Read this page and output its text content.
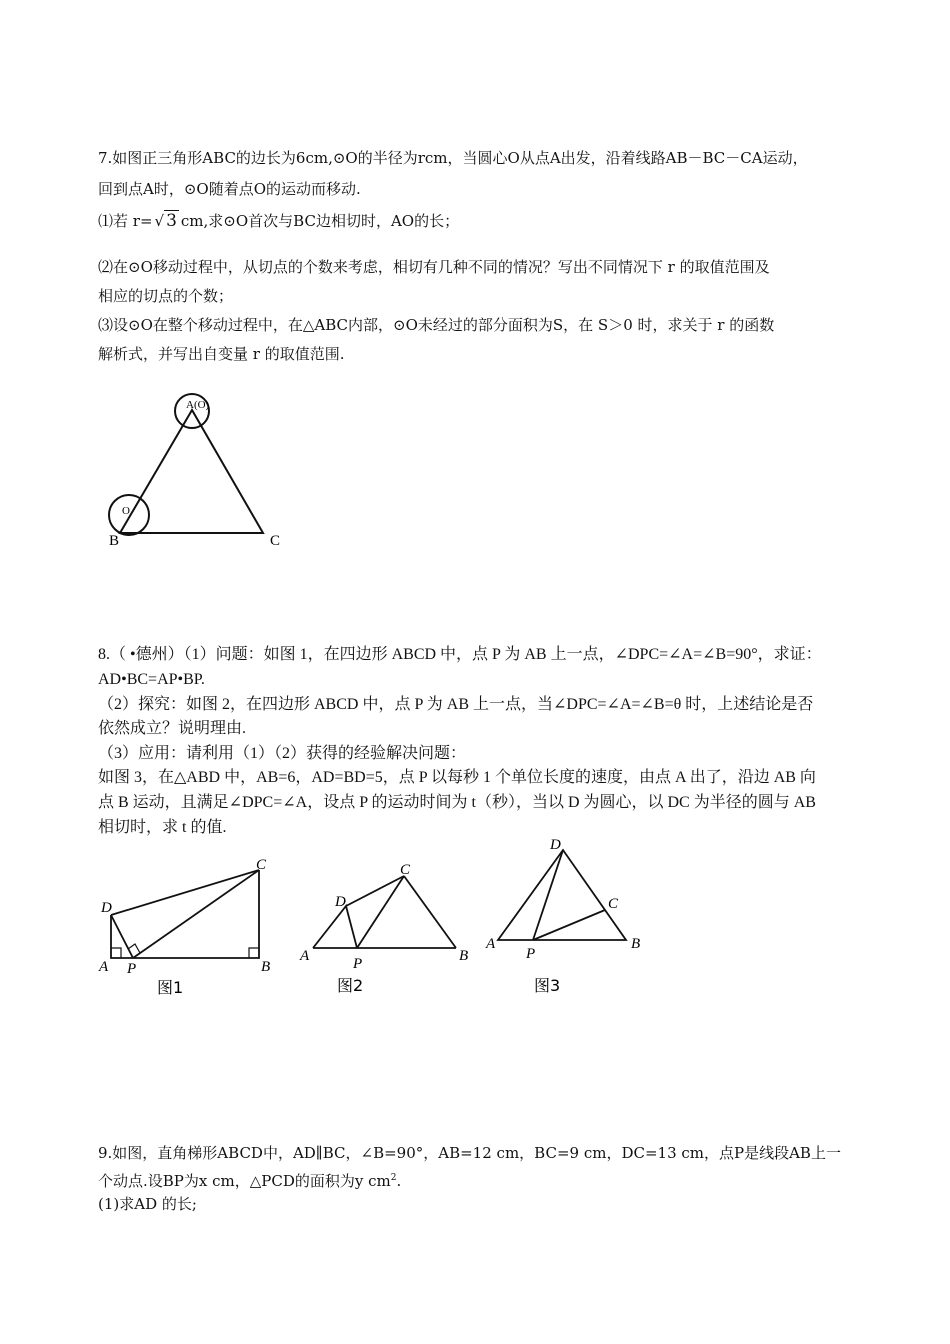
7.如图正三角形ABC的边长为6cm,⊙O的半径为rcm，当圆心O从点A出发，沿着线路AB－BC－CA运动，
回到点A时，⊙O随着点O的运动而移动.
⑴若 r= √ 3 cm,求⊙O首次与BC边相切时，AO的长；
⑵在⊙O移动过程中，从切点的个数来考虑，相切有几种不同的情况？写出不同情况下 r 的取值范围及
相应的切点的个数；
⑶设⊙O在整个移动过程中，在△ABC内部，⊙O未经过的部分面积为S，在 S＞0 时，求关于 r 的函数
解析式，并写出自变量 r 的取值范围.
A(O)
O
B	C
8.（ •德州）（1）问题：如图 1，在四边形 ABCD 中，点 P 为 AB 上一点，∠DPC=∠A=∠B=90°，求证：
AD•BC=AP•BP.
（2）探究：如图 2，在四边形 ABCD 中，点 P 为 AB 上一点，当∠DPC=∠A=∠B=θ 时，上述结论是否
依然成立？说明理由.
（3）应用：请利用（1）（2）获得的经验解决问题：
如图 3，在△ABD 中，AB=6，AD=BD=5，点 P 以每秒 1 个单位长度的速度，由点 A 出了，沿边 AB 向
点 B 运动，且满足∠DPC=∠A，设点 P 的运动时间为 t（秒），当以 D 为圆心，以 DC 为半径的圆与 AB
相切时，求 t 的值.
D
C
A P	B
图1
D
C
A	P	B
图2
D
C
A
P
B
图3
9.如图，直角梯形ABCD中，AD∥BC，∠B=90°，AB=12 cm，BC=9 cm，DC=13 cm，点P是线段AB上一
个动点.设BP为x cm，△PCD的面积为y $cm^2$.
(1)求AD 的长;
